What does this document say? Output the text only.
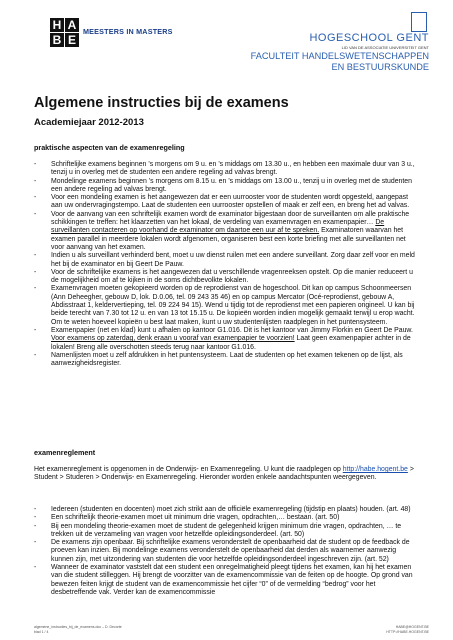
H A
B E
MEESTERS IN MASTERS
HOGESCHOOL GENT
LID VAN DE ASSOCIATIE UNIVERSITEIT GENT
FACULTEIT HANDELSWETENSCHAPPEN
EN BESTUURSKUNDE
Algemene instructies bij de examens
Academiejaar 2012-2013
praktische aspecten van de examenregeling
- Schriftelijke examens beginnen ’s morgens om 9 u. en ’s middags om 13.30 u., en hebben een maximale duur van 3 u., tenzij u in overleg met de studenten een andere regeling ad valvas brengt.
- Mondelinge examens beginnen ’s morgens om 8.15 u. en ’s middags om 13.00 u., tenzij u in overleg met de studenten een andere regeling ad valvas brengt.
- Voor een mondeling examen is het aangewezen dat er een uurrooster voor de studenten wordt opgesteld, aangepast aan uw ondervragingstempo. Laat de studenten een uurrooster opstellen of maak er zelf een, en breng het ad valvas.
- Voor de aanvang van een schriftelijk examen wordt de examinator bijgestaan door de surveillanten om alle praktische schikkingen te treffen: het klaarzetten van het lokaal, de verdeling van examenvragen en examenpapier… De surveillanten contacteren op voorhand de examinator om daartoe een uur af te spreken. Examinatoren waarvan het examen parallel in meerdere lokalen wordt afgenomen, organiseren best een korte briefing met alle surveillanten net voor aanvang van het examen.
- Indien u als surveillant verhinderd bent, moet u uw dienst ruilen met een andere surveillant. Zorg daar zelf voor en meld het bij de examinator en bij Geert De Pauw.
- Voor de schriftelijke examens is het aangewezen dat u verschillende vragenreeksen opstelt. Op die manier reduceert u de mogelijkheid om af te kijken in de soms dichtbevolkte lokalen.
- Examenvragen moeten gekopieerd worden op de reprodienst van de hogeschool. Dit kan op campus Schoonmeersen (Ann Deheegher, gebouw D, lok. D.0.06, tel. 09 243 35 46) en op campus Mercator (Océ-reprodienst, gebouw A, Abdisstraat 1, keldervertieping, tel. 09 224 94 15). Wend u tijdig tot de reprodienst met een papieren origineel. U kan bij beide terecht van 7.30 tot 12 u. en van 13 tot 15.15 u. De kopieën worden indien mogelijk gemaakt terwijl u erop wacht. Om te weten hoeveel kopieën u best laat maken, kunt u uw studentenlijsten raadplegen in het puntensysteem.
- Examenpapier (net en klad) kunt u afhalen op kantoor G1.016. Dit is het kantoor van Jimmy Florkin en Geert De Pauw. Voor examens op zaterdag, denk eraan u vooraf van examenpapier te voorzien! Laat geen examenpapier achter in de lokalen! Breng alle overschotten steeds terug naar kantoor G1.016.
- Namenlijsten moet u zelf afdrukken in het puntensysteem. Laat de studenten op het examen tekenen op de lijst, als aanwezigheidsregister.
examenreglement
Het examenreglement is opgenomen in de Onderwijs- en Examenregeling. U kunt die raadplegen op http://habe.hogent.be > Student > Studeren > Onderwijs- en Examenregeling. Hieronder worden enkele aandachtspunten weergegeven.
- Iedereen (studenten en docenten) moet zich strikt aan de officiële examenregeling (tijdstip en plaats) houden. (art. 48)
- Een schriftelijk theorie-examen moet uit minimum drie vragen, opdrachten,… bestaan. (art. 50)
- Bij een mondeling theorie-examen moet de student de gelegenheid krijgen minimum drie vragen, opdrachten, … te trekken uit de verzameling van vragen voor hetzelfde opleidingsonderdeel. (art. 50)
- De examens zijn openbaar. Bij schriftelijke examens veronderstelt de openbaarheid dat de student op de feedback de proeven kan inzien. Bij mondelinge examens veronderstelt de openbaarheid dat derden als waarnemer aanwezig kunnen zijn, met uitzondering van studenten die voor hetzelfde opleidingsonderdeel ingeschreven zijn. (art. 52)
- Wanneer de examinator vaststelt dat een student een onregelmatigheid pleegt tijdens het examen, kan hij het examen van die student stilleggen. Hij brengt de voorzitter van de examencommissie van de feiten op de hoogte. Op grond van bewezen feiten krijgt de student van de examencommissie het cijfer “0” of de vermelding “bedrog” voor het desbetreffende vak. Verder kan de examencommissie
algemene_instructies_bij_de_examens.doc – D. Decorte
blad 1 / 4
HABE@HOGENT.BE
HTTP://HABE.HOGENT.BE
